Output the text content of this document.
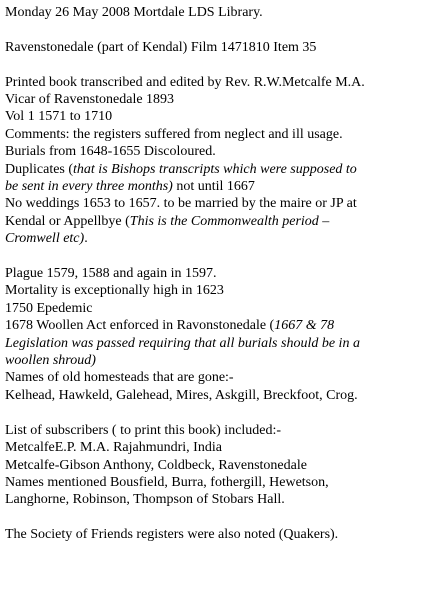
Monday 26 May 2008 Mortdale LDS Library.
Ravenstonedale (part of Kendal) Film 1471810 Item 35
Printed book transcribed and edited by Rev. R.W.Metcalfe M.A.
Vicar of Ravenstonedale 1893
Vol 1 1571 to 1710
Comments: the registers suffered from neglect and ill usage.
Burials from 1648-1655 Discoloured.
Duplicates (that is Bishops transcripts which were supposed to
be sent in every three months) not until 1667
No weddings 1653 to 1657. to be married by the maire or JP at
Kendal or Appellbye (This is the Commonwealth period –
Cromwell etc).
Plague 1579, 1588 and again in 1597.
Mortality is exceptionally high in 1623
1750 Epedemic
1678 Woollen Act enforced in Ravonstonedale (1667 & 78
Legislation was passed requiring that all burials should be in a
woollen shroud)
Names of old homesteads that are gone:-
Kelhead, Hawkeld, Galehead, Mires, Askgill, Breckfoot, Crog.
List of subscribers ( to print this book) included:-
MetcalfeE.P. M.A. Rajahmundri, India
Metcalfe-Gibson Anthony, Coldbeck, Ravenstonedale
Names mentioned Bousfield, Burra, fothergill, Hewetson,
Langhorne, Robinson, Thompson of Stobars Hall.
The Society of Friends registers were also noted (Quakers).
